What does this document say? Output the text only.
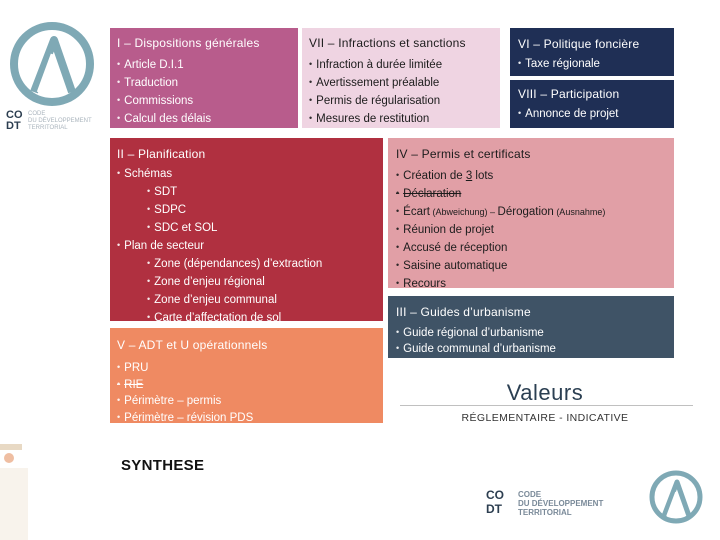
CO
DT
CODE
DU DÉVELOPPEMENT
TERRITORIAL
I – Dispositions générales
• Article D.I.1
• Traduction
• Commissions
• Calcul des délais
VII – Infractions et sanctions
• Infraction à durée limitée
• Avertissement préalable
• Permis de régularisation
• Mesures de restitution
VI – Politique foncière
• Taxe régionale
VIII – Participation
• Annonce de projet
II – Planification
• Schémas
• SDT
• SDPC
• SDC et SOL
• Plan de secteur
• Zone (dépendances) d’extraction
• Zone d’enjeu régional
• Zone d’enjeu communal
• Carte d’affectation de sol
IV – Permis et certificats
• Création de 3 lots
• Déclaration
• Écart (Abweichung) – Dérogation (Ausnahme)
• Réunion de projet
• Accusé de réception
• Saisine automatique
• Recours
III – Guides d’urbanisme
• Guide régional d’urbanisme
• Guide communal d’urbanisme
V – ADT et U opérationnels
• PRU
• RIE
• Périmètre – permis
• Périmètre – révision PDS
Valeurs
RÉGLEMENTAIRE - INDICATIVE
SYNTHESE
CO
DT
CODE
DU DÉVELOPPEMENT
TERRITORIAL
